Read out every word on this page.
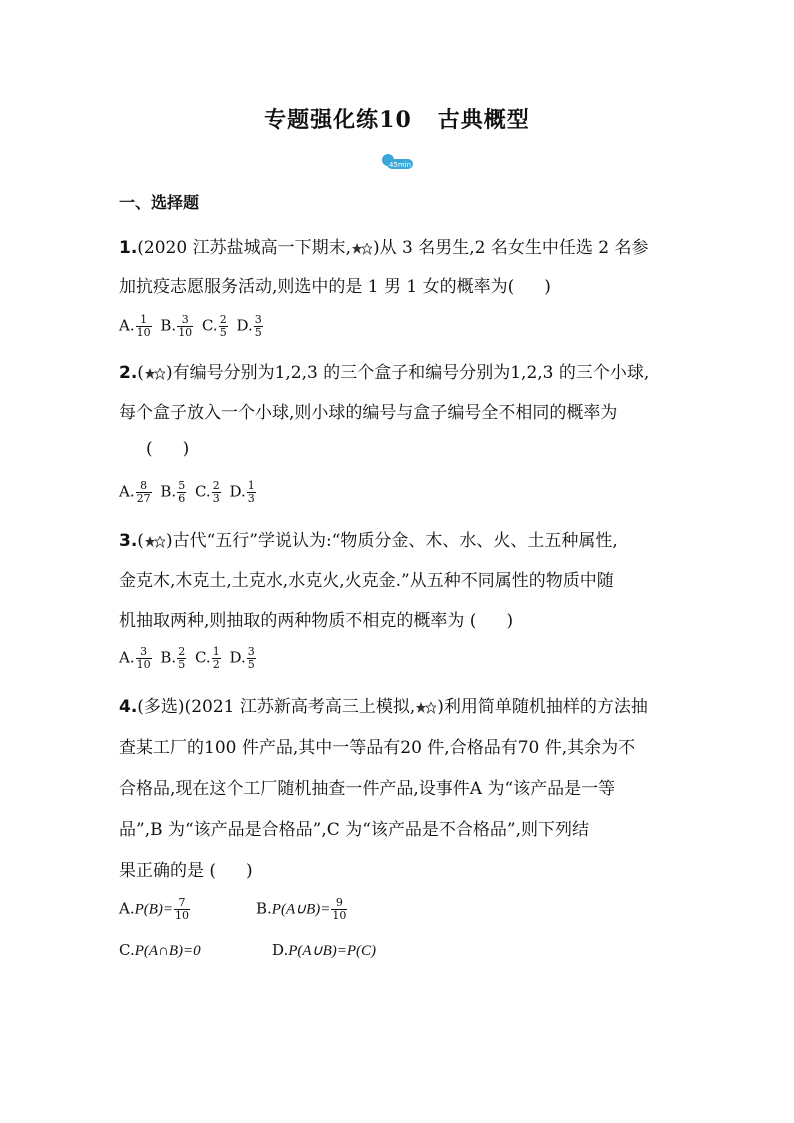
专题强化练10 古典概型
45min
一、选择题
1.(2020 江苏盐城高一下期末, )从 3 名男生,2 名女生中任选 2 名参
加抗疫志愿服务活动,则选中的是 1 男 1 女的概率为( )
A. $\frac{1}{10} B$. $\frac{3}{10} C$. $\frac{2}{5} D$. $\frac{3}{5}$
2.( )有编号分别为1,2,3 的三个盒子和编号分别为1,2,3 的三个小球,
每个盒子放入一个小球,则小球的编号与盒子编号全不相同的概率为
( )
A. $\frac{8}{27} B$. $\frac{5}{6} C$. $\frac{2}{3} D$. $\frac{1}{3}$
3.( )古代“五行”学说认为:“物质分金、木、水、火、土五种属性,
金克木,木克土,土克水,水克火,火克金.”从五种不同属性的物质中随
机抽取两种,则抽取的两种物质不相克的概率为 ( )
A. $\frac{3}{10} B$. $\frac{2}{5} C$. $\frac{1}{2} D$. $\frac{3}{5}$
4.(多选)(2021 江苏新高考高三上模拟, )利用简单随机抽样的方法抽
查某工厂的100 件产品,其中一等品有20 件,合格品有70 件,其余为不
合格品,现在这个工厂随机抽查一件产品,设事件A 为“该产品是一等
品”,B 为“该产品是合格品”,C 为“该产品是不合格品”,则下列结
果正确的是 ( )
$A.P(B)= \frac{7}{10}$	B.P(A∪B)= $\frac{9}{10}$
C.P(A∩B)=0	D.P(A∪B)=P(C)
